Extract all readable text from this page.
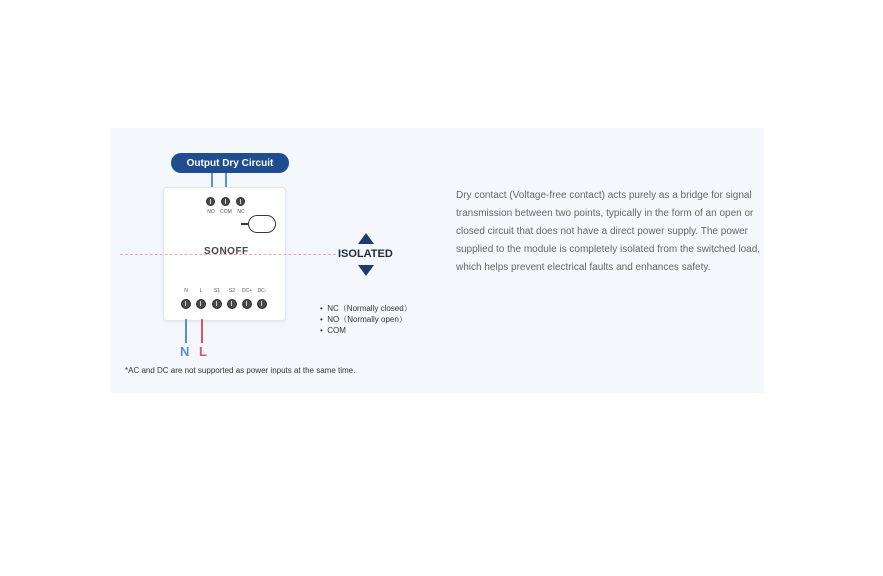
Output Dry Circuit
NO	COM	NC
SONOFF
N	L	S1	S2	DC+	DC-
N L
ISOLATED
•  NC（Normally closed）
•  NO（Normally open）
•  COM
*AC and DC are not supported as power inputs at the same time.
Dry contact (Voltage-free contact) acts purely as a bridge for signal transmission between two points, typically in the form of an open or closed circuit that does not have a direct power supply. The power supplied to the module is completely isolated from the switched load, which helps prevent electrical faults and enhances safety.
